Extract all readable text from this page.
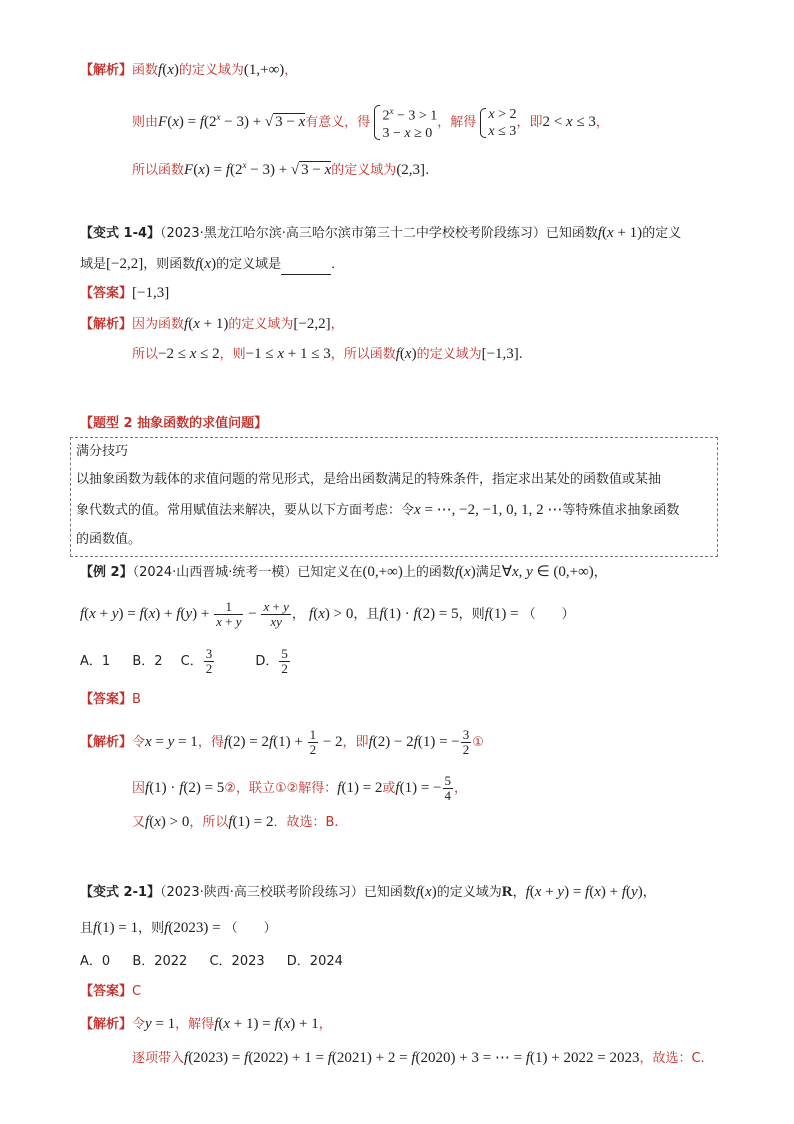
【解析】函数f(x)的定义域为(1,+∞)，
则由$F(x) = f(2^x - 3)$ + √ 3 − x有意义，得 $2^x - 3 > 1$
3 − x ≥ 0，解得 x > 2
x ≤ 3，即2 < x ≤ 3，
所以函数$F(x) = f(2^x - 3)$ + √ 3 − x的定义域为(2,3].
【变式 1-4】（2023·黑龙江哈尔滨·高三哈尔滨市第三十二中学校校考阶段练习）已知函数f(x + 1)的定义
域是[−2,2]，则函数f(x)的定义域是	．
【答案】[−1,3]
【解析】因为函数f(x + 1)的定义域为[−2,2]，
所以−2 ≤ x ≤ 2，则−1 ≤ x + 1 ≤ 3，所以函数f(x)的定义域为[−1,3].
【题型 2 抽象函数的求值问题】
满分技巧
以抽象函数为载体的求值问题的常见形式，是给出函数满足的特殊条件，指定求出某处的函数值或某抽
象代数式的值。常用赋值法来解决，要从以下方面考虑：令x = ⋯, −2, −1, 0, 1, 2 ⋯等特殊值求抽象函数
的函数值。
【例 2】（2024·山西晋城·统考一模）已知定义在(0,+∞)上的函数f(x)满足∀x, y ∈ (0,+∞)，
$f(x + y) = f(x) + f(y) + \frac{1}{x + y} - \frac{x + y}{xy}$ ， f(x) > 0，且f(1) · f(2) = 5，则f(1) = （　　）
A．1 B．2 C． $\frac{3}{2}$	D． $\frac{5}{2}$
【答案】B
【解析】令x = y = 1，得$f(2) = 2f(1) + \frac{1}{2} - 2$，即f(2) − 2f(1) = − $\frac{3}{2}$ ①
因f(1) · f(2) = 5②，联立①②解得：f(1) = 2或f(1) = − $\frac{5}{4}$ ，
又f(x) > 0，所以f(1) = 2．故选：B.
【变式 2-1】（2023·陕西·高三校联考阶段练习）已知函数f(x)的定义域为R，f(x + y) = f(x) + f(y)，
且f(1) = 1，则f(2023) = （　　）
A．0 B．2022 C．2023 D．2024
【答案】C
【解析】令y = 1，解得f(x + 1) = f(x) + 1，
逐项带入f(2023) = f(2022) + 1 = f(2021) + 2 = f(2020) + 3 = ⋯ = f(1) + 2022 = 2023，故选：C.
